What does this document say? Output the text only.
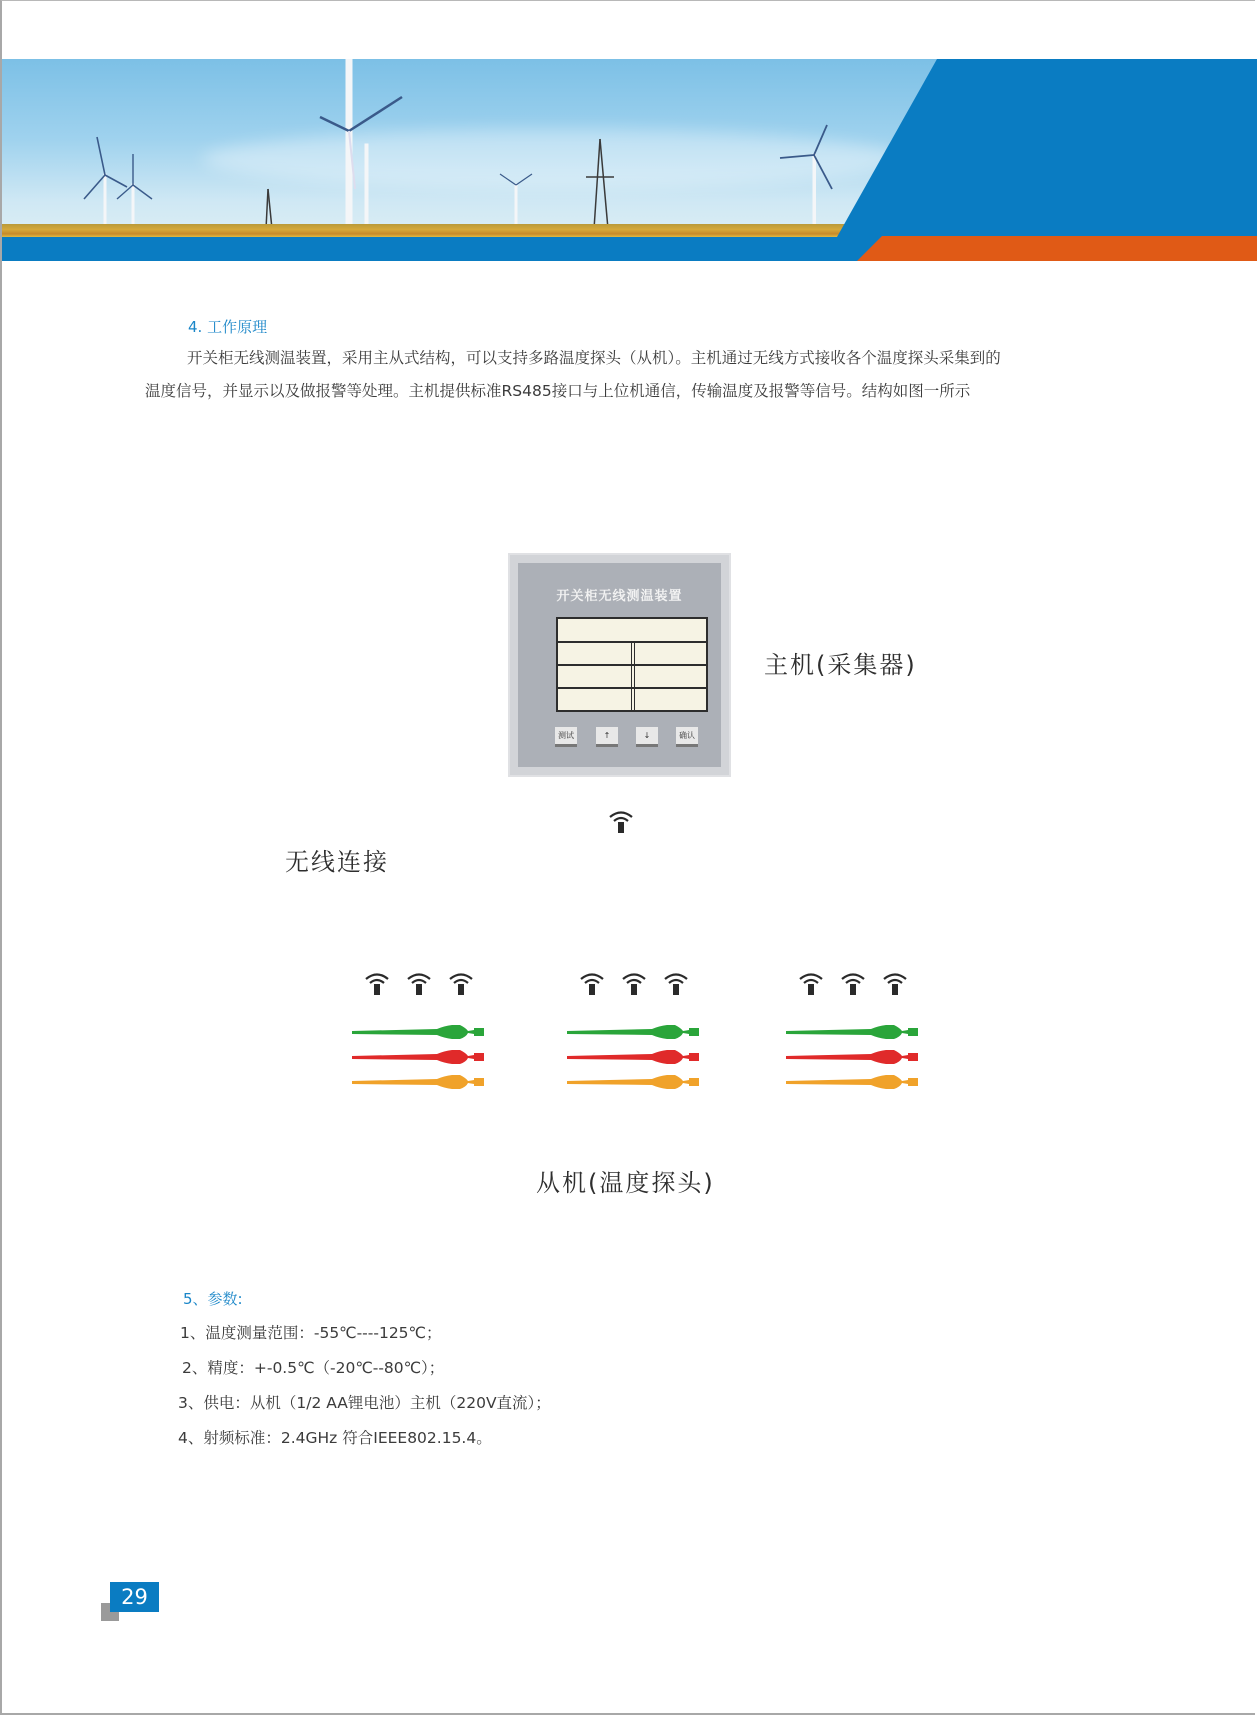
4. 工作原理
开关柜无线测温装置，采用主从式结构，可以支持多路温度探头（从机）。主机通过无线方式接收各个温度探头采集到的
温度信号，并显示以及做报警等处理。主机提供标准RS485接口与上位机通信，传输温度及报警等信号。结构如图一所示
开关柜无线测温装置
测试	↑	↓	确认
主机(采集器)
无线连接
从机(温度探头)
5、参数:
1、温度测量范围：-55℃----125℃；
2、精度：+-0.5℃（-20℃--80℃）；
3、供电：从机（1/2 AA锂电池）主机（220V直流）；
4、射频标准：2.4GHz 符合IEEE802.15.4。
29
